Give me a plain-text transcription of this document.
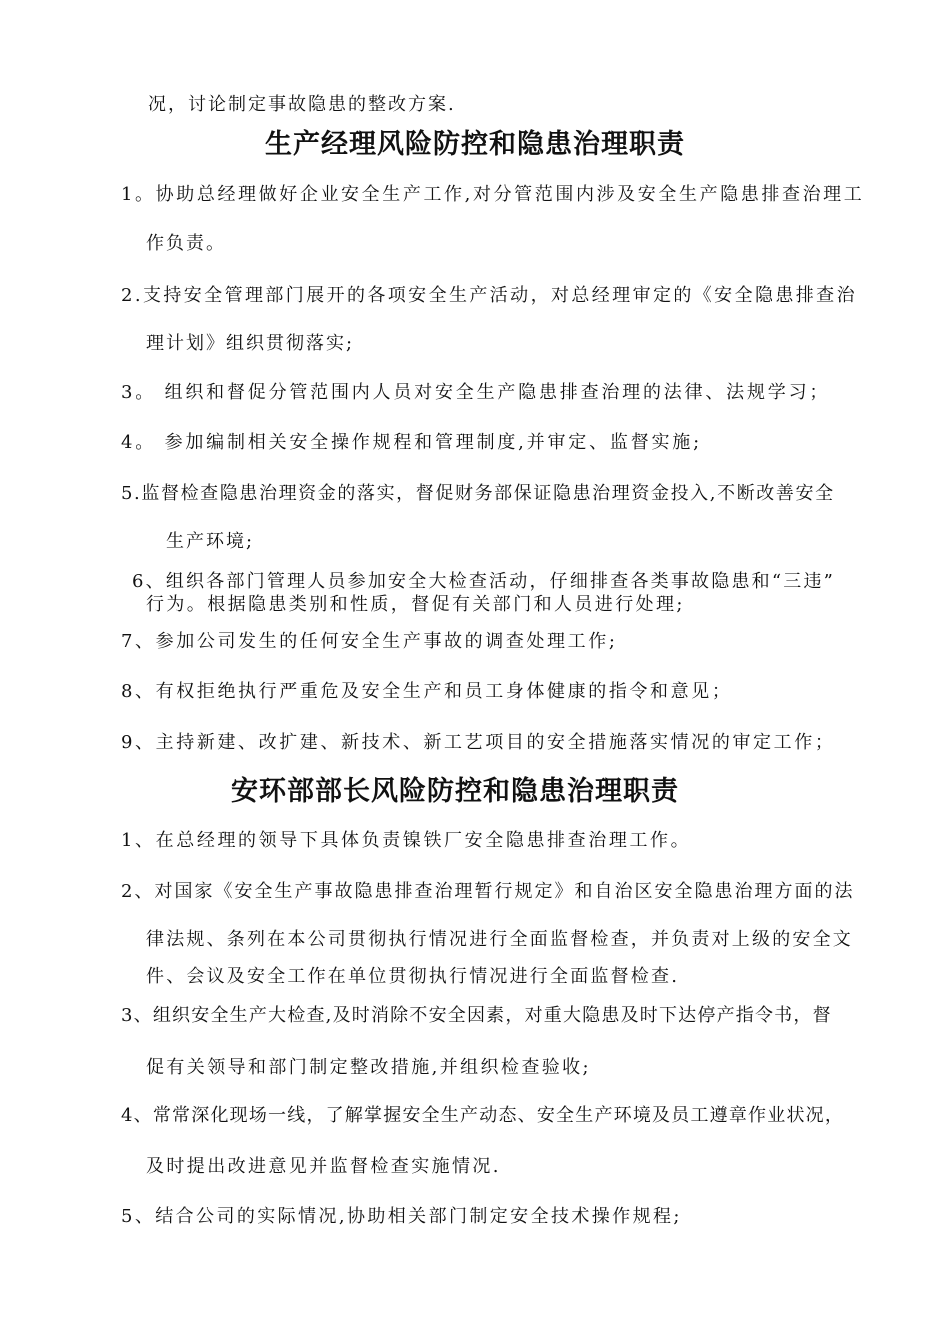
况，讨论制定事故隐患的整改方案.
生产经理风险防控和隐患治理职责
1。协助总经理做好企业安全生产工作,对分管范围内涉及安全生产隐患排查治理工
作负责。
2.支持安全管理部门展开的各项安全生产活动，对总经理审定的《安全隐患排查治
理计划》组织贯彻落实;
3。 组织和督促分管范围内人员对安全生产隐患排查治理的法律、法规学习；
4。 参加编制相关安全操作规程和管理制度,并审定、监督实施;
5.监督检查隐患治理资金的落实，督促财务部保证隐患治理资金投入,不断改善安全
生产环境;
6、组织各部门管理人员参加安全大检查活动，仔细排查各类事故隐患和“三违”
行为。根据隐患类别和性质，督促有关部门和人员进行处理;
7、参加公司发生的任何安全生产事故的调查处理工作;
8、有权拒绝执行严重危及安全生产和员工身体健康的指令和意见；
9、主持新建、改扩建、新技术、新工艺项目的安全措施落实情况的审定工作；
安环部部长风险防控和隐患治理职责
1、在总经理的领导下具体负责镍铁厂安全隐患排查治理工作。
2、对国家《安全生产事故隐患排查治理暂行规定》和自治区安全隐患治理方面的法
律法规、条列在本公司贯彻执行情况进行全面监督检查，并负责对上级的安全文
件、会议及安全工作在单位贯彻执行情况进行全面监督检查.
3、组织安全生产大检查,及时消除不安全因素，对重大隐患及时下达停产指令书，督
促有关领导和部门制定整改措施,并组织检查验收;
4、常常深化现场一线，了解掌握安全生产动态、安全生产环境及员工遵章作业状况，
及时提出改进意见并监督检查实施情况.
5、结合公司的实际情况,协助相关部门制定安全技术操作规程;
